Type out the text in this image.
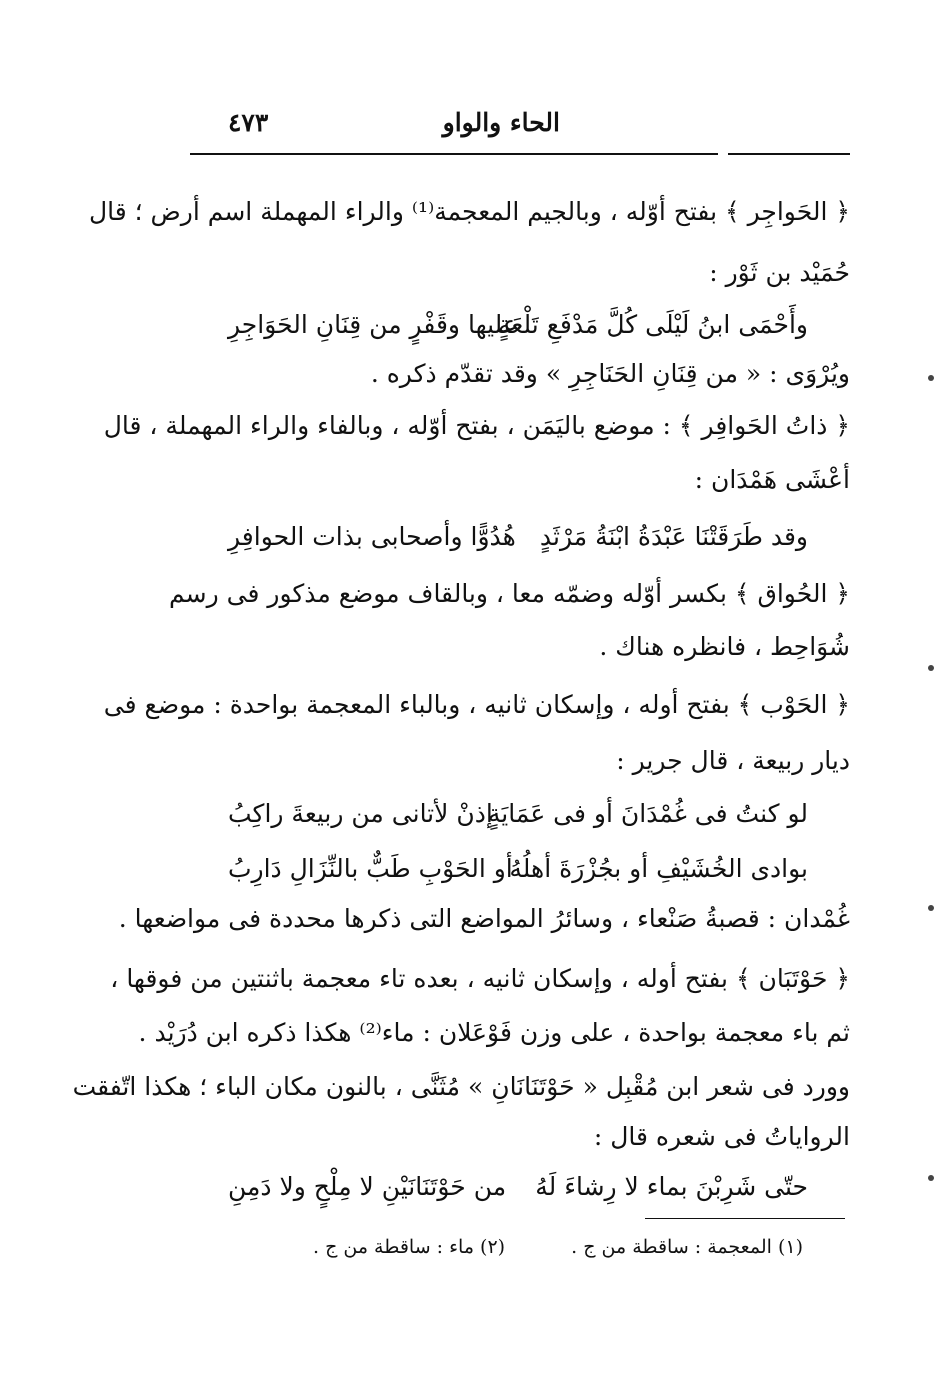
الحاء والواو
٤٧٣
﴿ الحَواجِر ﴾ بفتح أوّله ، وبالجيم المعجمة⁽¹⁾ والراء المهملة اسم أرض ؛ قال
حُمَيْد بن ثَوْر :
وأَحْمَى ابنُ لَيْلَى كُلَّ مَدْفَعِ تَلْعَةٍ
عليها وقَفْرٍ من قِنَانِ الحَوَاجِرِ
ويُرْوَى : « من قِنَانِ الحَنَاجِرِ » وقد تقدّم ذكره .
﴿ ذاتُ الحَوافِر ﴾ : موضع باليَمَن ، بفتح أوّله ، وبالفاء والراء المهملة ، قال
أعْشَى هَمْدَان :
وقد طَرَقَتْنَا عَبْدَةُ ابْنَةُ مَرْثَدٍ
هُدُوًّا وأصحابى بذات الحوافِرِ
﴿ الحُواق ﴾ بكسر أوّله وضمّه معا ، وبالقاف موضع مذكور فى رسم
شُوَاحِط ، فانظره هناك .
﴿ الحَوْب ﴾ بفتح أوله ، وإسكان ثانيه ، وبالباء المعجمة بواحدة : موضع فى
ديار ربيعة ، قال جرير :
لو كنتُ فى غُمْدَانَ أو فى عَمَايَةٍ
إذنْ لأتانى من ربيعةَ راكِبُ
بوادى الخُشَيْفِ أو بجُزْرَةَ أهلُهُ
أو الحَوْبِ طَبٌّ بالنِّزَالِ دَارِبُ
غُمْدان : قصبةُ صَنْعاء ، وسائرُ المواضع التى ذكرها محددة فى مواضعها .
﴿ حَوْتَبَان ﴾ بفتح أوله ، وإسكان ثانيه ، بعده تاء معجمة باثنتين من فوقها ،
ثم باء معجمة بواحدة ، على وزن فَوْعَلان : ماء⁽²⁾ هكذا ذكره ابن دُرَيْد .
وورد فى شعر ابن مُقْبِل « حَوْتَنَانَانِ » مُثَنَّى ، بالنون مكان الباء ؛ هكذا اتّفقت
الرواياتُ فى شعره قال :
حتّى شَرِبْنَ بماء لا رِشاءَ لَهُ
من حَوْتَنَانَيْنِ لا مِلْحٍ ولا دَمِنِ
(١) المعجمة : ساقطة من ج . (٢) ماء : ساقطة من ج .
